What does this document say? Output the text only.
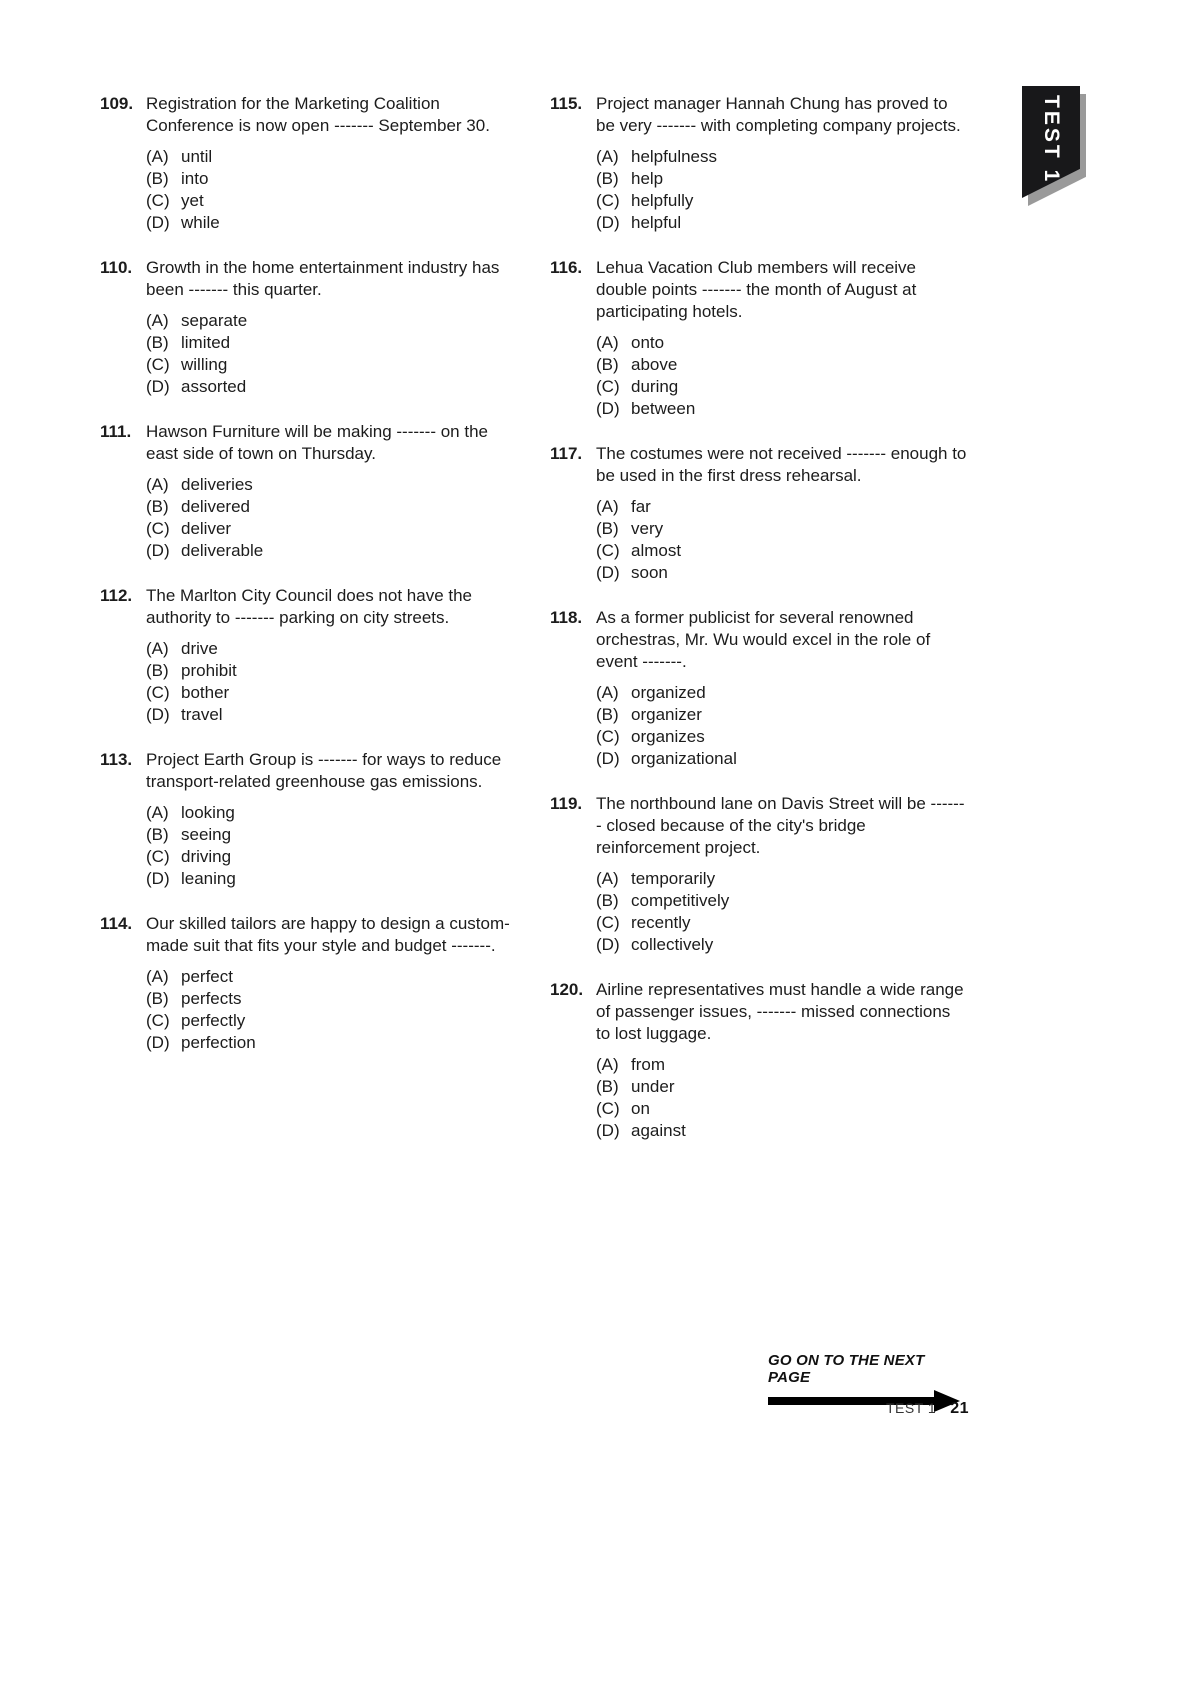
TEST 1
109. Registration for the Marketing Coalition Conference is now open ------- September 30.
(A) until
(B) into
(C) yet
(D) while
110. Growth in the home entertainment industry has been ------- this quarter.
(A) separate
(B) limited
(C) willing
(D) assorted
111. Hawson Furniture will be making ------- on the east side of town on Thursday.
(A) deliveries
(B) delivered
(C) deliver
(D) deliverable
112. The Marlton City Council does not have the authority to ------- parking on city streets.
(A) drive
(B) prohibit
(C) bother
(D) travel
113. Project Earth Group is ------- for ways to reduce transport-related greenhouse gas emissions.
(A) looking
(B) seeing
(C) driving
(D) leaning
114. Our skilled tailors are happy to design a custom-made suit that fits your style and budget -------.
(A) perfect
(B) perfects
(C) perfectly
(D) perfection
115. Project manager Hannah Chung has proved to be very ------- with completing company projects.
(A) helpfulness
(B) help
(C) helpfully
(D) helpful
116. Lehua Vacation Club members will receive double points ------- the month of August at participating hotels.
(A) onto
(B) above
(C) during
(D) between
117. The costumes were not received ------- enough to be used in the first dress rehearsal.
(A) far
(B) very
(C) almost
(D) soon
118. As a former publicist for several renowned orchestras, Mr. Wu would excel in the role of event -------.
(A) organized
(B) organizer
(C) organizes
(D) organizational
119. The northbound lane on Davis Street will be ------- closed because of the city's bridge reinforcement project.
(A) temporarily
(B) competitively
(C) recently
(D) collectively
120. Airline representatives must handle a wide range of passenger issues, ------- missed connections to lost luggage.
(A) from
(B) under
(C) on
(D) against
GO ON TO THE NEXT PAGE
TEST 1 21
